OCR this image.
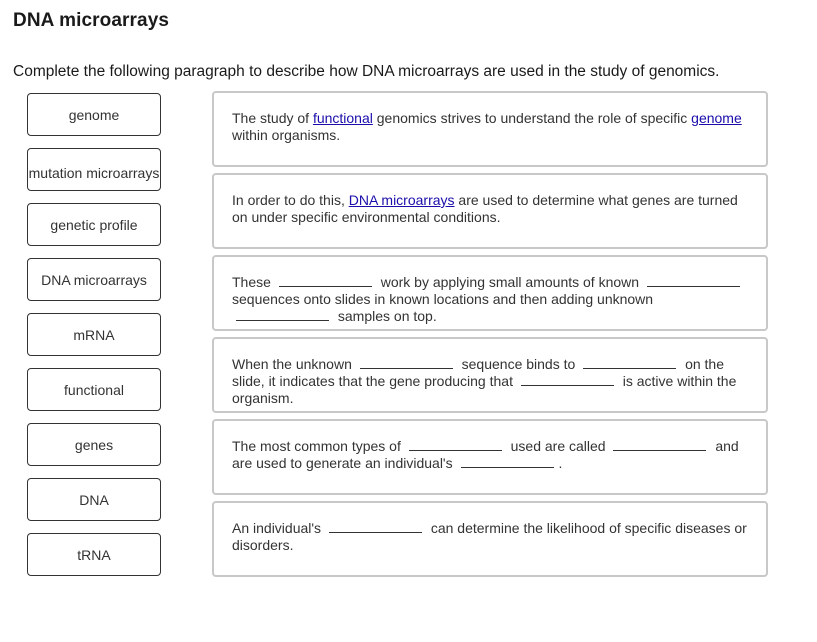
DNA microarrays
Complete the following paragraph to describe how DNA microarrays are used in the study of genomics.
genome
mutation microarrays
genetic profile
DNA microarrays
mRNA
functional
genes
DNA
tRNA
The study of functional genomics strives to understand the role of specific genome within organisms.
In order to do this, DNA microarrays are used to determine what genes are turned on under specific environmental conditions.
These	work by applying small amounts of known  sequences onto slides in known locations and then adding unknown  samples on top.
When the unknown	sequence binds to	on the slide, it indicates that the gene producing that	is active within the organism.
The most common types of	used are called	and are used to generate an individual's	.
An individual's	can determine the likelihood of specific diseases or disorders.
